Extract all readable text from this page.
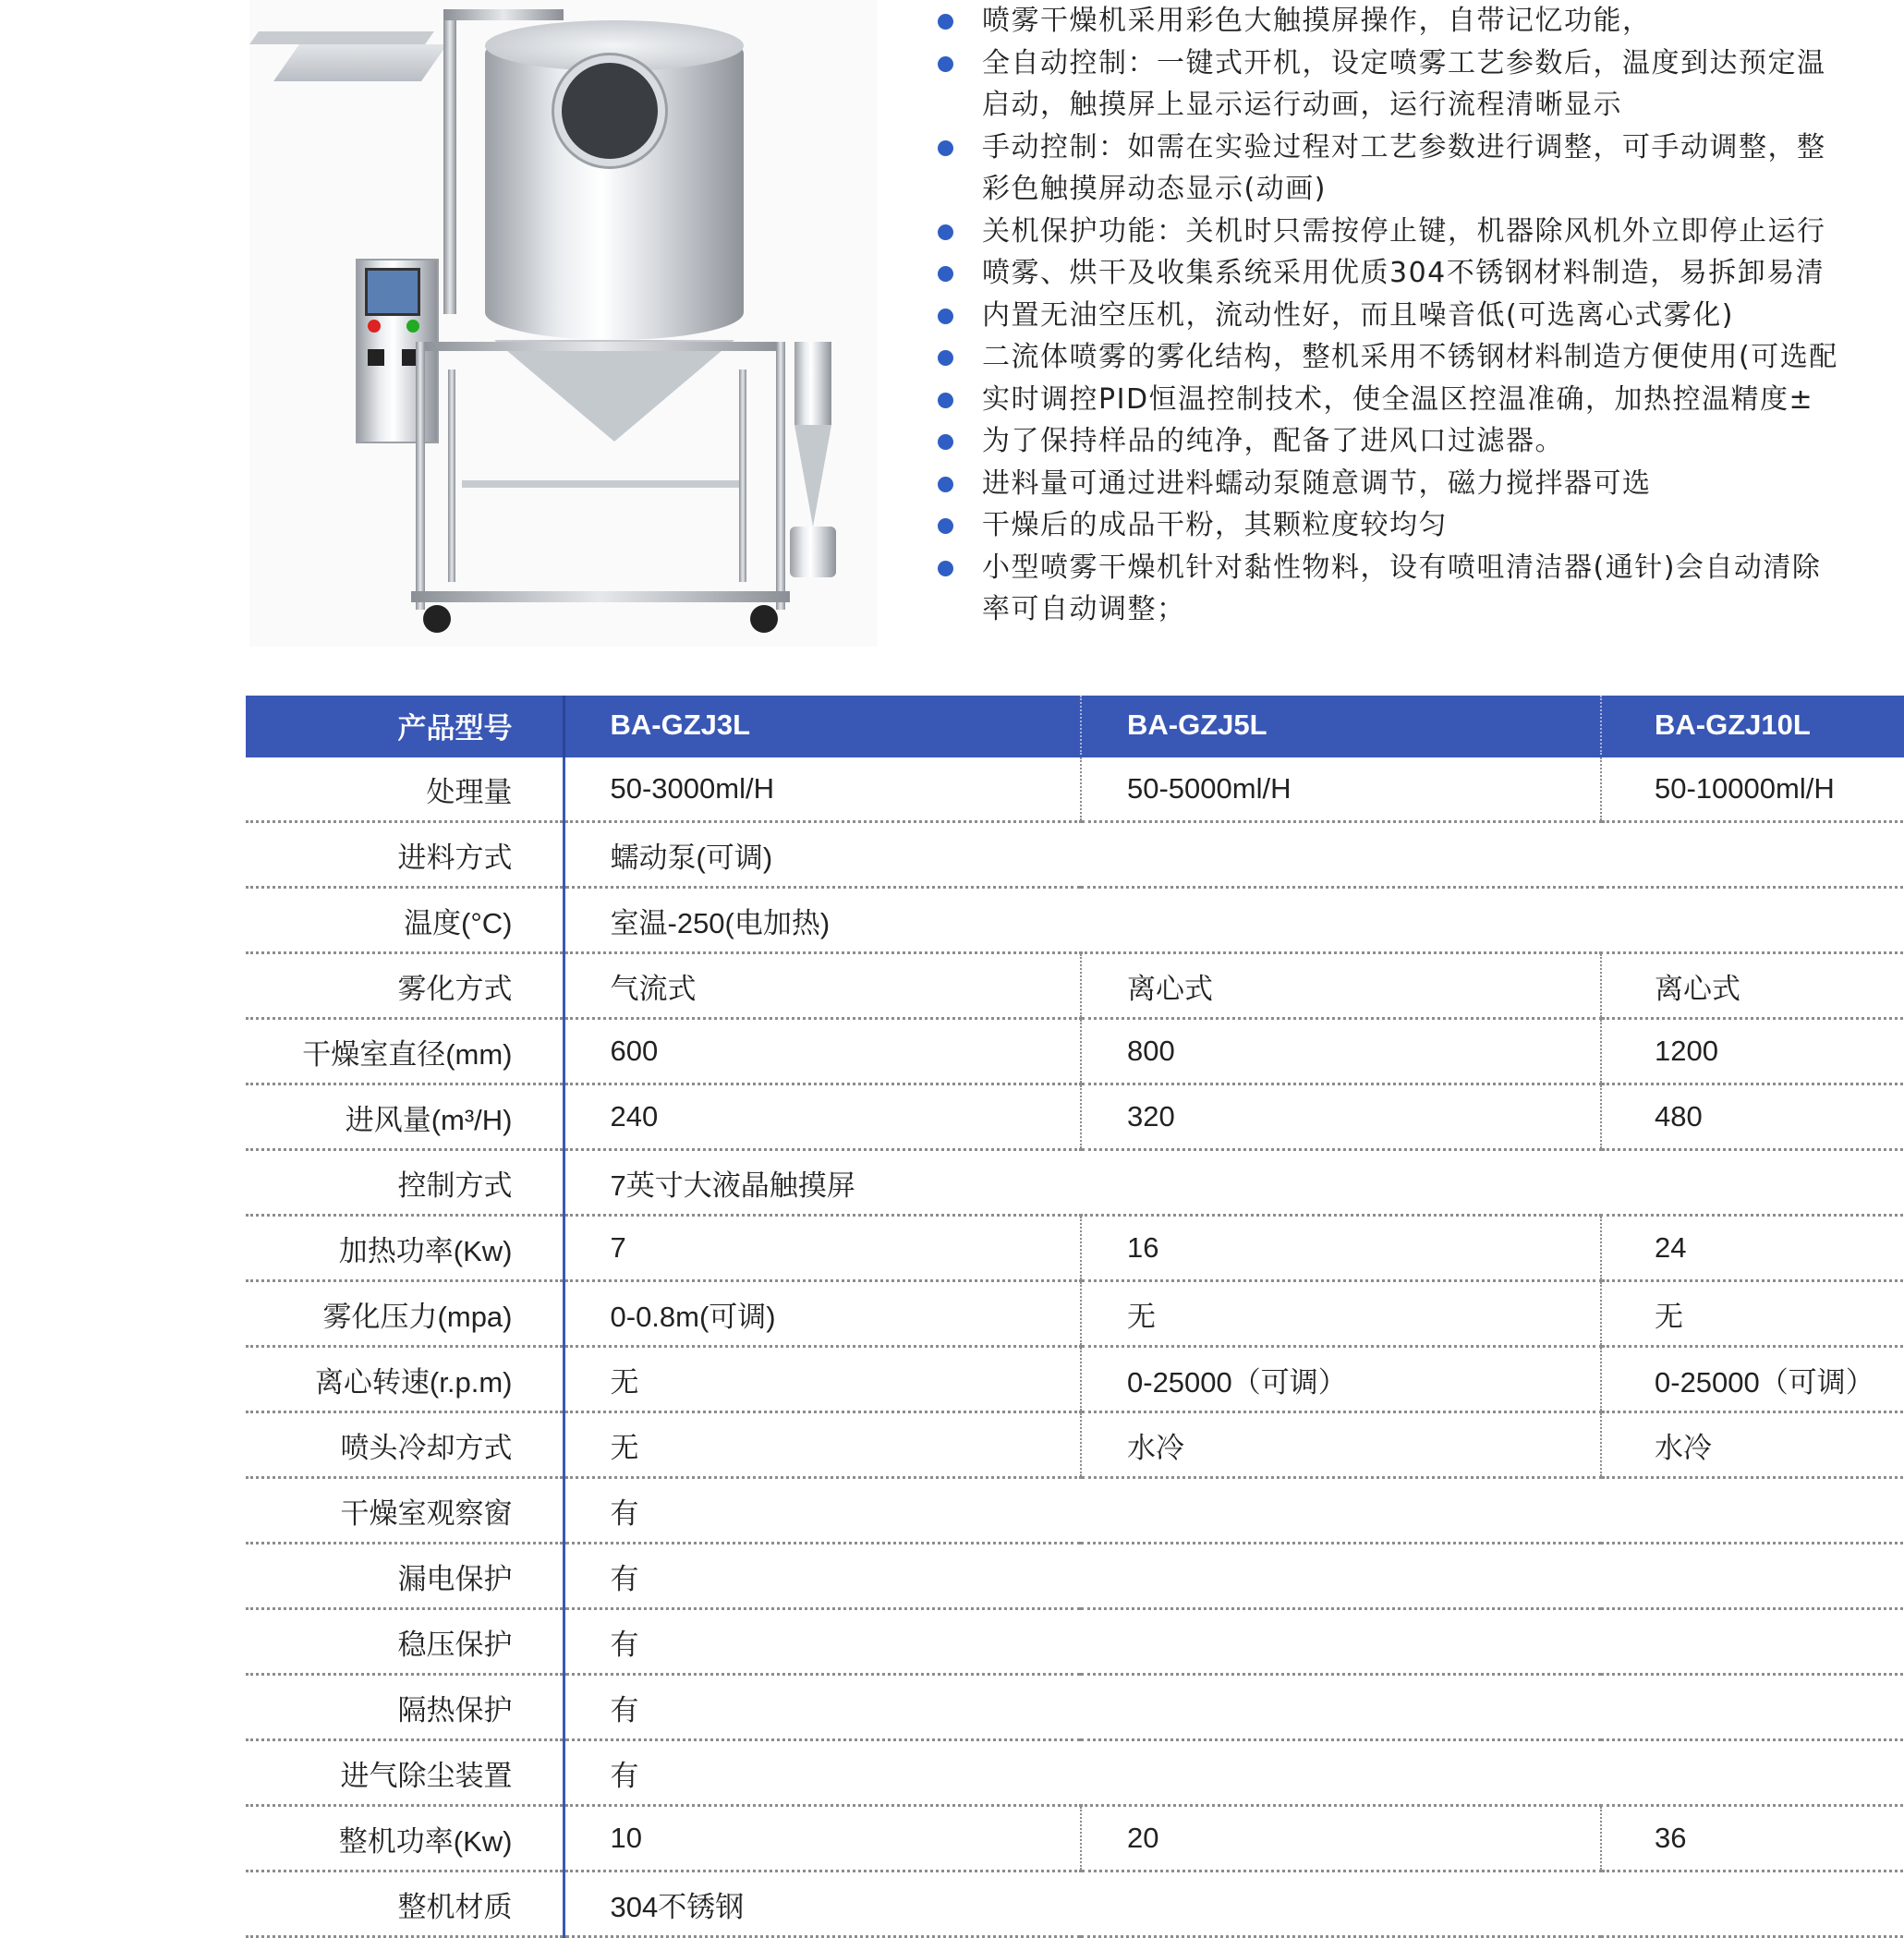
喷雾干燥机采用彩色大触摸屏操作，自带记忆功能，
全自动控制：一键式开机，设定喷雾工艺参数后，温度到达预定温
启动，触摸屏上显示运行动画，运行流程清晰显示
手动控制：如需在实验过程对工艺参数进行调整，可手动调整，整
彩色触摸屏动态显示(动画)
关机保护功能：关机时只需按停止键，机器除风机外立即停止运行
喷雾、烘干及收集系统采用优质304不锈钢材料制造，易拆卸易清
内置无油空压机，流动性好，而且噪音低(可选离心式雾化)
二流体喷雾的雾化结构，整机采用不锈钢材料制造方便使用(可选配
实时调控PID恒温控制技术，使全温区控温准确，加热控温精度±
为了保持样品的纯净，配备了进风口过滤器。
进料量可通过进料蠕动泵随意调节，磁力搅拌器可选
干燥后的成品干粉，其颗粒度较均匀
小型喷雾干燥机针对黏性物料，设有喷咀清洁器(通针)会自动清除
率可自动调整；
产品型号	BA-GZJ3L	BA-GZJ5L	BA-GZJ10L
处理量	50-3000ml/H	50-5000ml/H	50-10000ml/H
进料方式	蠕动泵(可调)		
温度(°C)	室温-250(电加热)		
雾化方式	气流式	离心式	离心式
干燥室直径(mm)	600	800	1200
进风量(m³/H)	240	320	480
控制方式	7英寸大液晶触摸屏		
加热功率(Kw)	7	16	24
雾化压力(mpa)	0-0.8m(可调)	无	无
离心转速(r.p.m)	无	0-25000（可调）	0-25000（可调）
喷头冷却方式	无	水冷	水冷
干燥室观察窗	有		
漏电保护	有		
稳压保护	有		
隔热保护	有		
进气除尘装置	有		
整机功率(Kw)	10	20	36
整机材质	304不锈钢		
